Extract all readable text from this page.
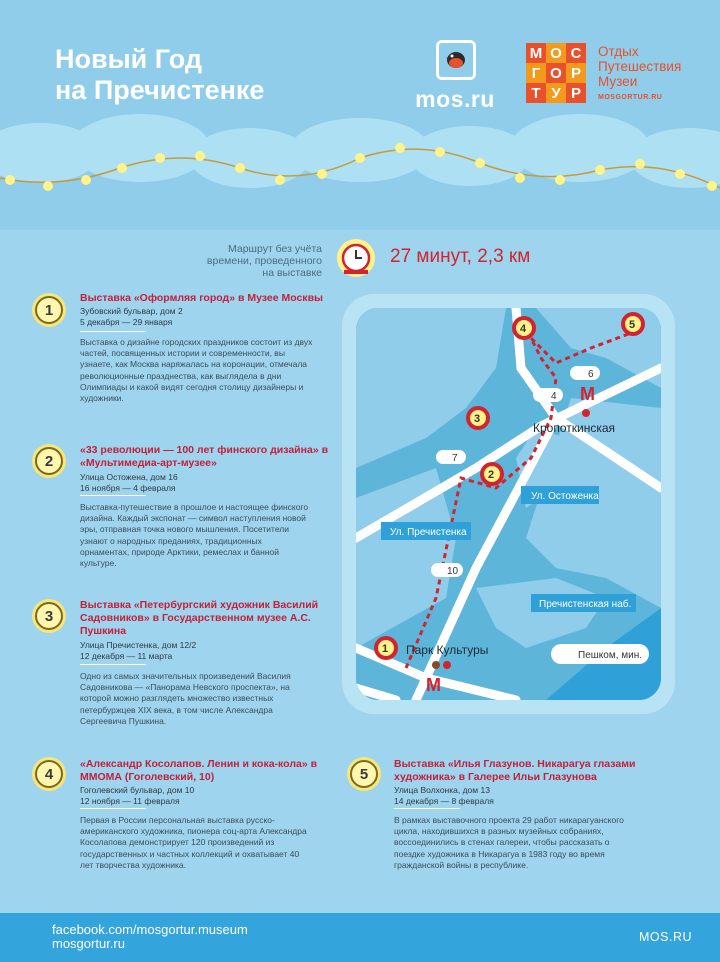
Новый Год
на Пречистенке	mos.ru
М О С
Г О Р
Т У Р
Отдых
Путешествия
Музеи
MOSGORTUR.RU
Маршрут без учёта
времени, проведенного
на выставке
27 минут, 2,3 км
1
Выставка «Оформляя город» в Музее Москвы
Зубовский бульвар, дом 2
5 декабря — 29 января
Выставка о дизайне городских праздников состоит из двух частей, посвященных истории и современности, вы узнаете, как Москва наряжалась на коронации, отмечала революционные празднества, как выглядела в дни Олимпиады и какой видят сегодня столицу дизайнеры и художники.
2
«33 революции — 100 лет финского дизайна» в «Мультимедиа-арт-музее»
Улица Остожена, дом 16
16 ноября — 4 февраля
Выставка-путешествие в прошлое и настоящее финского дизайна. Каждый экспонат — символ наступления новой эры, отправная точка нового мышления. Посетители узнают о народных преданиях, традиционных орнаментах, природе Арктики, ремеслах и банной культуре.
3
Выставка «Петербургский художник Василий Садовников» в Государственном музее А.С. Пушкина
Улица Пречистенка, дом 12/2
12 декабря — 11 марта
Одно из самых значительных произведений Василия Садовникова — «Панорама Невского проспекта», на которой можно разглядеть множество известных петербуржцев XIX века, в том числе Александра Сергеевича Пушкина.
4
«Александр Косолапов. Ленин и кока-кола» в ММОМА (Гоголевский, 10)
Гоголевский бульвар, дом 10
12 ноября — 11 февраля
Первая в России персональная выставка русско-американского художника, пионера соц-арта Александра Косолапова демонстрирует 120 произведений из государственных и частных коллекций и охватывает 40 лет творчества художника.
5
Выставка «Илья Глазунов. Никарагуа глазами художника» в Галерее Ильи Глазунова
Улица Волхонка, дом 13
14 декабря — 8 февраля
В рамках выставочного проекта 29 работ никарагуанского цикла, находившихся в разных музейных собраниях, воссоединились в стенах галереи, чтобы рассказать о поездке художника в Никарагуа в 1983 году во время гражданской войны в республике.
М
М
4	5
3
2
1
4
6
7
10
Ул. Остоженка
Ул. Пречистенка
Пречистенская наб.
Пешком, мин.
Кропоткинская
Парк Культуры
facebook.com/mosgortur.museum
mosgortur.ru	MOS.RU
